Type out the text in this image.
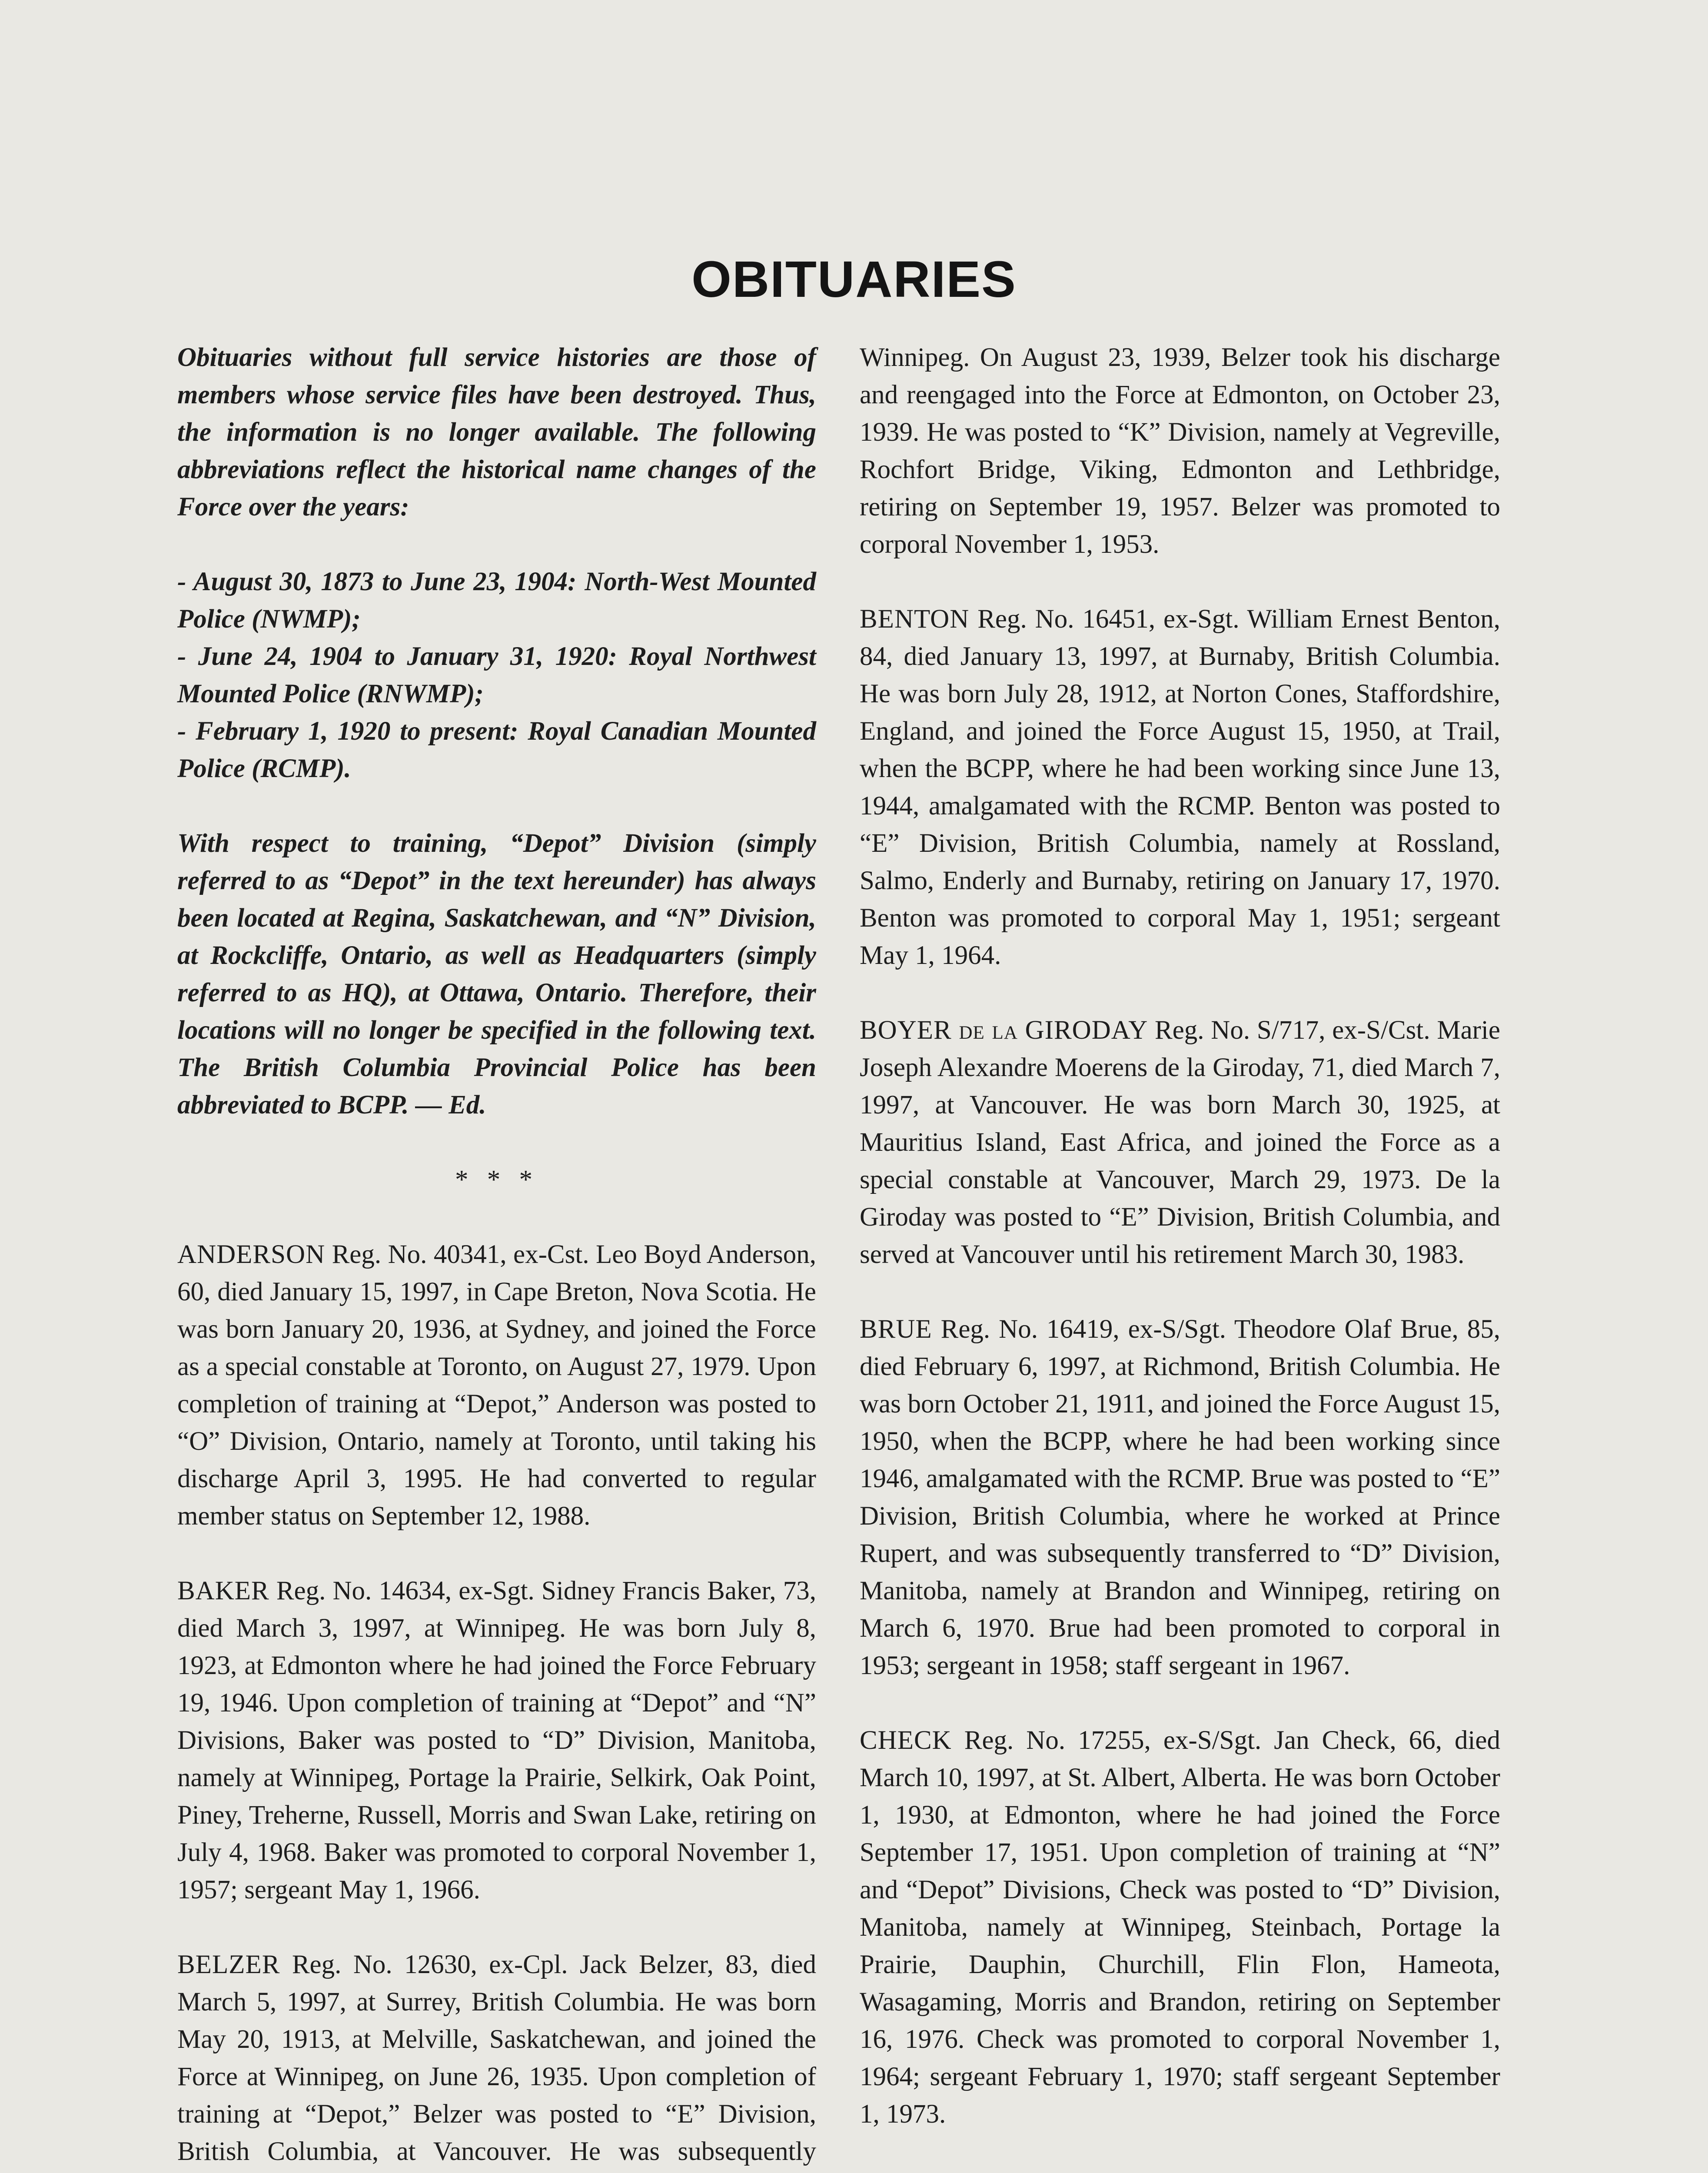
OBITUARIES

Obituaries without full service histories are those of members whose service files have been destroyed. Thus, the information is no longer available. The following abbreviations reflect the historical name changes of the Force over the years:

- August 30, 1873 to June 23, 1904: North-West Mounted Police (NWMP);

- June 24, 1904 to January 31, 1920: Royal Northwest Mounted Police (RNWMP);

- February 1, 1920 to present: Royal Canadian Mounted Police (RCMP).

With respect to training, “Depot” Division (simply referred to as “Depot” in the text hereunder) has always been located at Regina, Saskatchewan, and “N” Division, at Rockcliffe, Ontario, as well as Headquarters (simply referred to as HQ), at Ottawa, Ontario. Therefore, their locations will no longer be specified in the following text. The British Columbia Provincial Police has been abbreviated to BCPP. — Ed.

* * *

ANDERSON Reg. No. 40341, ex-Cst. Leo Boyd Anderson, 60, died January 15, 1997, in Cape Breton, Nova Scotia. He was born January 20, 1936, at Sydney, and joined the Force as a special constable at Toronto, on August 27, 1979. Upon completion of training at “Depot,” Anderson was posted to “O” Division, Ontario, namely at Toronto, until taking his discharge April 3, 1995. He had converted to regular member status on September 12, 1988.

BAKER Reg. No. 14634, ex-Sgt. Sidney Francis Baker, 73, died March 3, 1997, at Winnipeg. He was born July 8, 1923, at Edmonton where he had joined the Force February 19, 1946. Upon completion of training at “Depot” and “N” Divisions, Baker was posted to “D” Division, Manitoba, namely at Winnipeg, Portage la Prairie, Selkirk, Oak Point, Piney, Treherne, Russell, Morris and Swan Lake, retiring on July 4, 1968. Baker was promoted to corporal November 1, 1957; sergeant May 1, 1966.

BELZER Reg. No. 12630, ex-Cpl. Jack Belzer, 83, died March 5, 1997, at Surrey, British Columbia. He was born May 20, 1913, at Melville, Saskatchewan, and joined the Force at Winnipeg, on June 26, 1935. Upon completion of training at “Depot,” Belzer was posted to “E” Division, British Columbia, at Vancouver. He was subsequently

Winnipeg. On August 23, 1939, Belzer took his discharge and reengaged into the Force at Edmonton, on October 23, 1939. He was posted to “K” Division, namely at Vegreville, Rochfort Bridge, Viking, Edmonton and Lethbridge, retiring on September 19, 1957. Belzer was promoted to corporal November 1, 1953.

BENTON Reg. No. 16451, ex-Sgt. William Ernest Benton, 84, died January 13, 1997, at Burnaby, British Columbia. He was born July 28, 1912, at Norton Cones, Staffordshire, England, and joined the Force August 15, 1950, at Trail, when the BCPP, where he had been working since June 13, 1944, amalgamated with the RCMP. Benton was posted to “E” Division, British Columbia, namely at Rossland, Salmo, Enderly and Burnaby, retiring on January 17, 1970. Benton was promoted to corporal May 1, 1951; sergeant May 1, 1964.

BOYER de la GIRODAY Reg. No. S/717, ex-S/Cst. Marie Joseph Alexandre Moerens de la Giroday, 71, died March 7, 1997, at Vancouver. He was born March 30, 1925, at Mauritius Island, East Africa, and joined the Force as a special constable at Vancouver, March 29, 1973. De la Giroday was posted to “E” Division, British Columbia, and served at Vancouver until his retirement March 30, 1983.

BRUE Reg. No. 16419, ex-S/Sgt. Theodore Olaf Brue, 85, died February 6, 1997, at Richmond, British Columbia. He was born October 21, 1911, and joined the Force August 15, 1950, when the BCPP, where he had been working since 1946, amalgamated with the RCMP. Brue was posted to “E” Division, British Columbia, where he worked at Prince Rupert, and was subsequently transferred to “D” Division, Manitoba, namely at Brandon and Winnipeg, retiring on March 6, 1970. Brue had been promoted to corporal in 1953; sergeant in 1958; staff sergeant in 1967.

CHECK Reg. No. 17255, ex-S/Sgt. Jan Check, 66, died March 10, 1997, at St. Albert, Alberta. He was born October 1, 1930, at Edmonton, where he had joined the Force September 17, 1951. Upon completion of training at “N” and “Depot” Divisions, Check was posted to “D” Division, Manitoba, namely at Winnipeg, Steinbach, Portage la Prairie, Dauphin, Churchill, Flin Flon, Hameota, Wasagaming, Morris and Brandon, retiring on September 16, 1976. Check was promoted to corporal November 1, 1964; sergeant February 1, 1970; staff sergeant September 1, 1973.
